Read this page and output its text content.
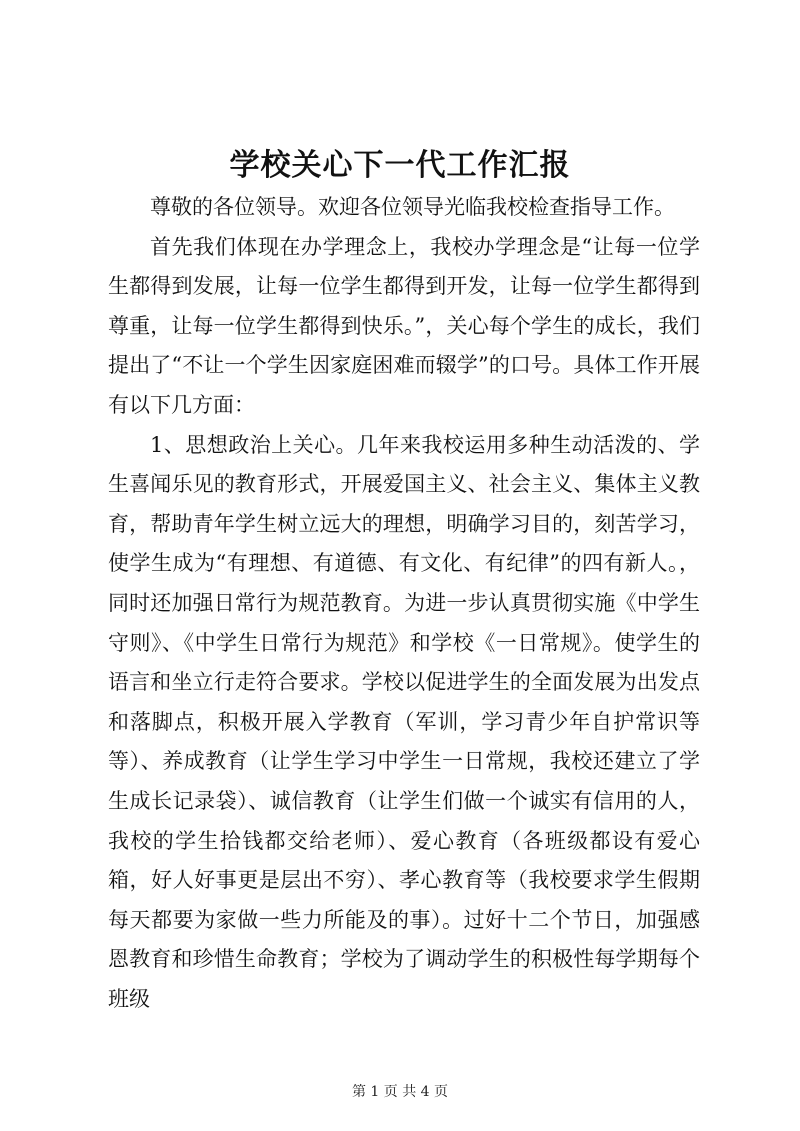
学校关心下一代工作汇报

尊敬的各位领导。欢迎各位领导光临我校检查指导工作。

首先我们体现在办学理念上，我校办学理念是“让每一位学生都得到发展，让每一位学生都得到开发，让每一位学生都得到尊重，让每一位学生都得到快乐。”，关心每个学生的成长，我们提出了“不让一个学生因家庭困难而辍学”的口号。具体工作开展有以下几方面：

1、思想政治上关心。几年来我校运用多种生动活泼的、学生喜闻乐见的教育形式，开展爱国主义、社会主义、集体主义教育，帮助青年学生树立远大的理想，明确学习目的，刻苦学习，使学生成为“有理想、有道德、有文化、有纪律”的四有新人。，同时还加强日常行为规范教育。为进一步认真贯彻实施《中学生守则》、《中学生日常行为规范》和学校《一日常规》。使学生的语言和坐立行走符合要求。学校以促进学生的全面发展为出发点和落脚点，积极开展入学教育（军训，学习青少年自护常识等等）、养成教育（让学生学习中学生一日常规，我校还建立了学生成长记录袋）、诚信教育（让学生们做一个诚实有信用的人，我校的学生拾钱都交给老师）、爱心教育（各班级都设有爱心箱，好人好事更是层出不穷）、孝心教育等（我校要求学生假期每天都要为家做一些力所能及的事）。过好十二个节日，加强感恩教育和珍惜生命教育；学校为了调动学生的积极性每学期每个班级

第 1 页 共 4 页
